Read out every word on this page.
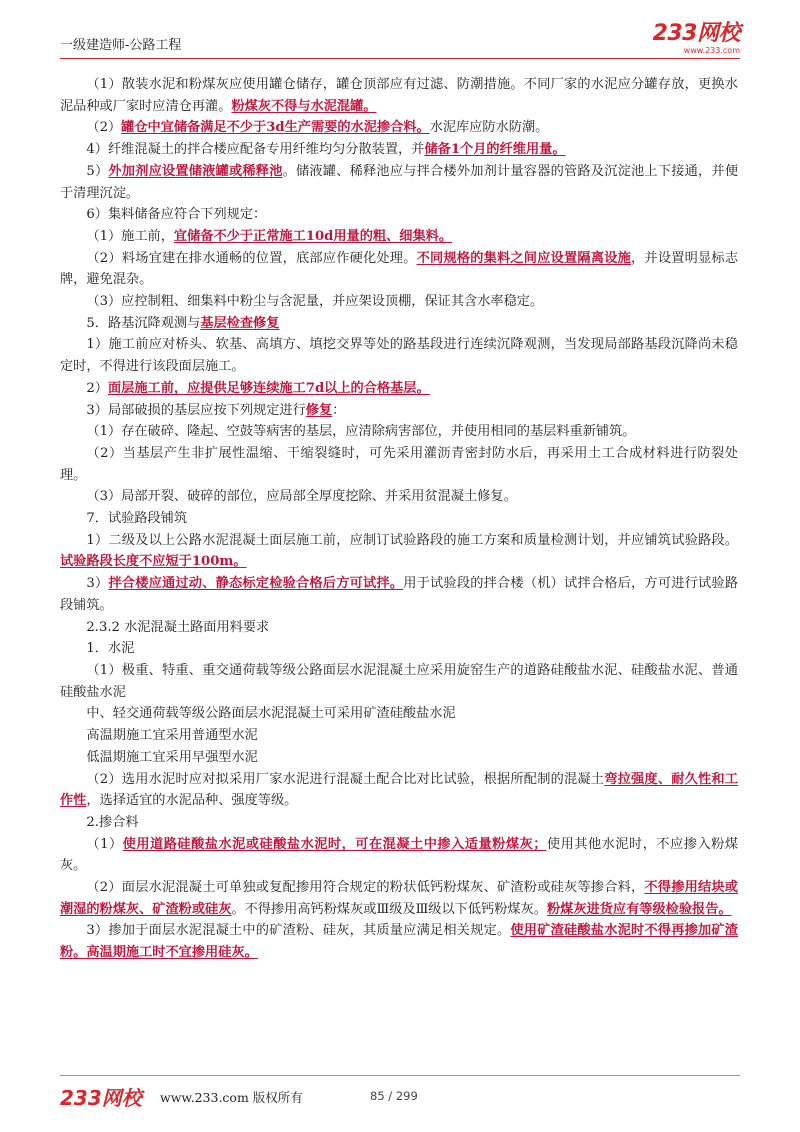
一级建造师-公路工程	233网校
www.233.com

（1）散装水泥和粉煤灰应使用罐仓储存，罐仓顶部应有过滤、防潮措施。不同厂家的水泥应分罐存放，更换水泥品种或厂家时应清仓再灌。粉煤灰不得与水泥混罐。

（2）罐仓中宜储备满足不少于3d生产需要的水泥掺合料。水泥库应防水防潮。

4）纤维混凝土的拌合楼应配备专用纤维均匀分散装置，并储备1个月的纤维用量。

5）外加剂应设置储液罐或稀释池。储液罐、稀释池应与拌合楼外加剂计量容器的管路及沉淀池上下接通，并便于清理沉淀。

6）集料储备应符合下列规定：

（1）施工前，宜储备不少于正常施工10d用量的粗、细集料。

（2）料场宜建在排水通畅的位置，底部应作硬化处理。不同规格的集料之间应设置隔离设施，并设置明显标志牌，避免混杂。

（3）应控制粗、细集料中粉尘与含泥量，并应架设顶棚，保证其含水率稳定。

5．路基沉降观测与基层检查修复

1）施工前应对桥头、软基、高填方、填挖交界等处的路基段进行连续沉降观测，当发现局部路基段沉降尚未稳定时，不得进行该段面层施工。

2）面层施工前，应提供足够连续施工7d以上的合格基层。

3）局部破损的基层应按下列规定进行修复：

（1）存在破碎、隆起、空鼓等病害的基层，应清除病害部位，并使用相同的基层料重新铺筑。

（2）当基层产生非扩展性温缩、干缩裂缝时，可先采用灌沥青密封防水后，再采用土工合成材料进行防裂处理。

（3）局部开裂、破碎的部位，应局部全厚度挖除、并采用贫混凝土修复。

7．试验路段铺筑

1）二级及以上公路水泥混凝土面层施工前，应制订试验路段的施工方案和质量检测计划，并应铺筑试验路段。试验路段长度不应短于100m。

3）拌合楼应通过动、静态标定检验合格后方可试拌。用于试验段的拌合楼（机）试拌合格后，方可进行试验路段铺筑。

2.3.2 水泥混凝土路面用料要求

1．水泥

（1）极重、特重、重交通荷载等级公路面层水泥混凝土应采用旋窑生产的道路硅酸盐水泥、硅酸盐水泥、普通硅酸盐水泥

中、轻交通荷载等级公路面层水泥混凝土可采用矿渣硅酸盐水泥

高温期施工宜采用普通型水泥

低温期施工宜采用早强型水泥

（2）选用水泥时应对拟采用厂家水泥进行混凝土配合比对比试验，根据所配制的混凝土弯拉强度、耐久性和工作性，选择适宜的水泥品种、强度等级。

2.掺合料

（1）使用道路硅酸盐水泥或硅酸盐水泥时，可在混凝土中掺入适量粉煤灰；使用其他水泥时，不应掺入粉煤灰。

（2）面层水泥混凝土可单独或复配掺用符合规定的粉状低钙粉煤灰、矿渣粉或硅灰等掺合料，不得掺用结块或潮湿的粉煤灰、矿渣粉或硅灰。不得掺用高钙粉煤灰或Ⅲ级及Ⅲ级以下低钙粉煤灰。粉煤灰进货应有等级检验报告。

3）掺加于面层水泥混凝土中的矿渣粉、硅灰，其质量应满足相关规定。使用矿渣硅酸盐水泥时不得再掺加矿渣粉。高温期施工时不宜掺用硅灰。

233网校 www.233.com 版权所有	85 / 299
